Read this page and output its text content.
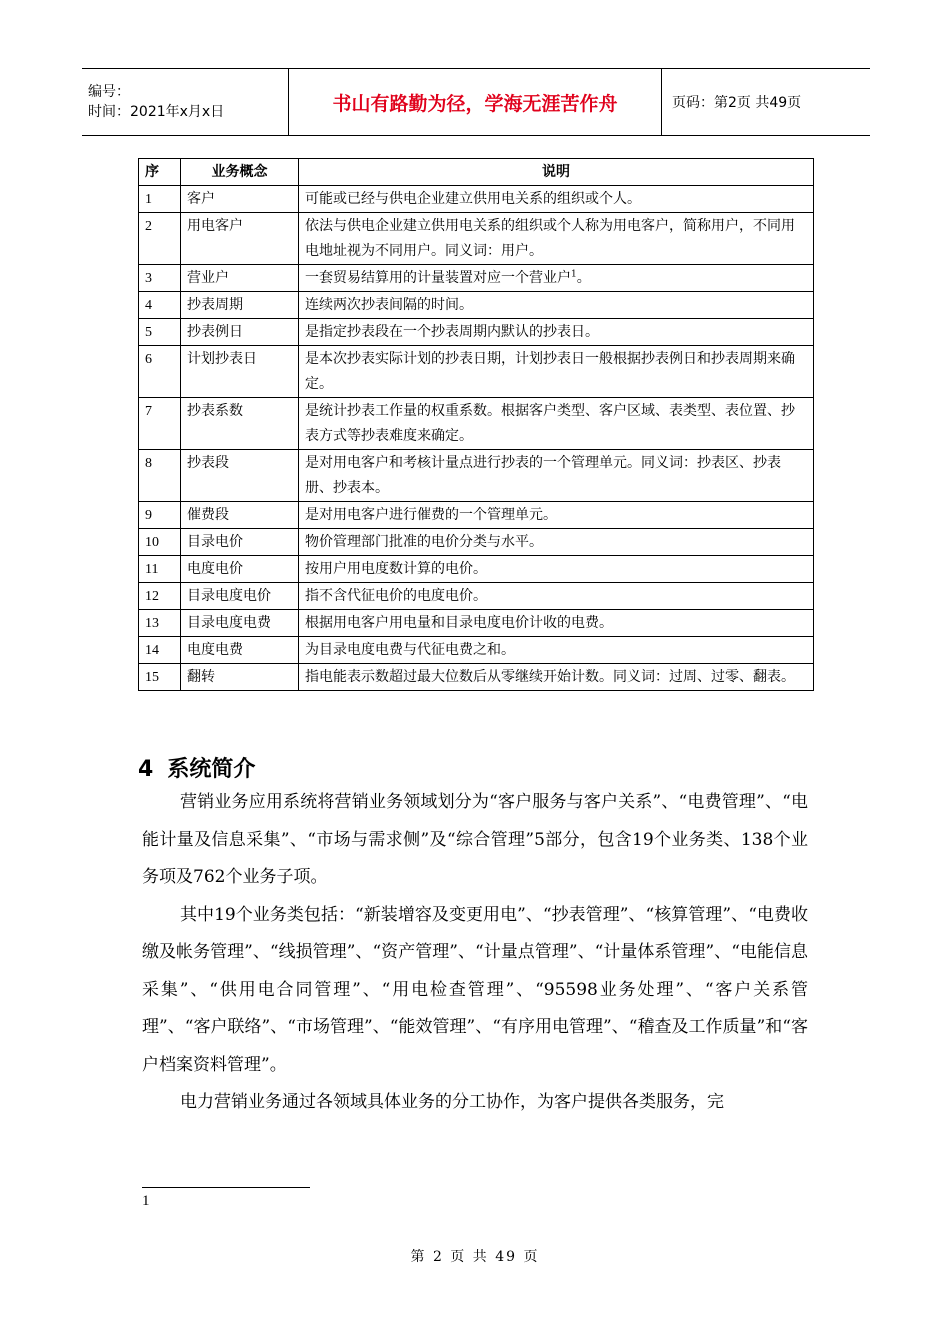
编号：
时间：2021年x月x日	书山有路勤为径，学海无涯苦作舟	页码：第2页 共49页
序	业务概念	说明
1	客户	可能或已经与供电企业建立供用电关系的组织或个人。
2	用电客户	依法与供电企业建立供用电关系的组织或个人称为用电客户，简称用户，不同用电地址视为不同用户。同义词：用户。
3	营业户	一套贸易结算用的计量装置对应一个营业户$^1$。
4	抄表周期	连续两次抄表间隔的时间。
5	抄表例日	是指定抄表段在一个抄表周期内默认的抄表日。
6	计划抄表日	是本次抄表实际计划的抄表日期，计划抄表日一般根据抄表例日和抄表周期来确定。
7	抄表系数	是统计抄表工作量的权重系数。根据客户类型、客户区域、表类型、表位置、抄表方式等抄表难度来确定。
8	抄表段	是对用电客户和考核计量点进行抄表的一个管理单元。同义词：抄表区、抄表册、抄表本。
9	催费段	是对用电客户进行催费的一个管理单元。
10	目录电价	物价管理部门批准的电价分类与水平。
11	电度电价	按用户用电度数计算的电价。
12	目录电度电价	指不含代征电价的电度电价。
13	目录电度电费	根据用电客户用电量和目录电度电价计收的电费。
14	电度电费	为目录电度电费与代征电费之和。
15	翻转	指电能表示数超过最大位数后从零继续开始计数。同义词：过周、过零、翻表。
4 系统简介

营销业务应用系统将营销业务领域划分为“客户服务与客户关系”、“电费管理”、“电能计量及信息采集”、“市场与需求侧”及“综合管理”5部分，包含19个业务类、138个业务项及762个业务子项。

其中19个业务类包括：“新装增容及变更用电”、“抄表管理”、“核算管理”、“电费收缴及帐务管理”、“线损管理”、“资产管理”、“计量点管理”、“计量体系管理”、“电能信息采集”、“供用电合同管理”、“用电检查管理”、“95598业务处理”、“客户关系管理”、“客户联络”、“市场管理”、“能效管理”、“有序用电管理”、“稽查及工作质量”和“客户档案资料管理”。

电力营销业务通过各领域具体业务的分工协作，为客户提供各类服务，完

1
第 2 页 共 49 页
